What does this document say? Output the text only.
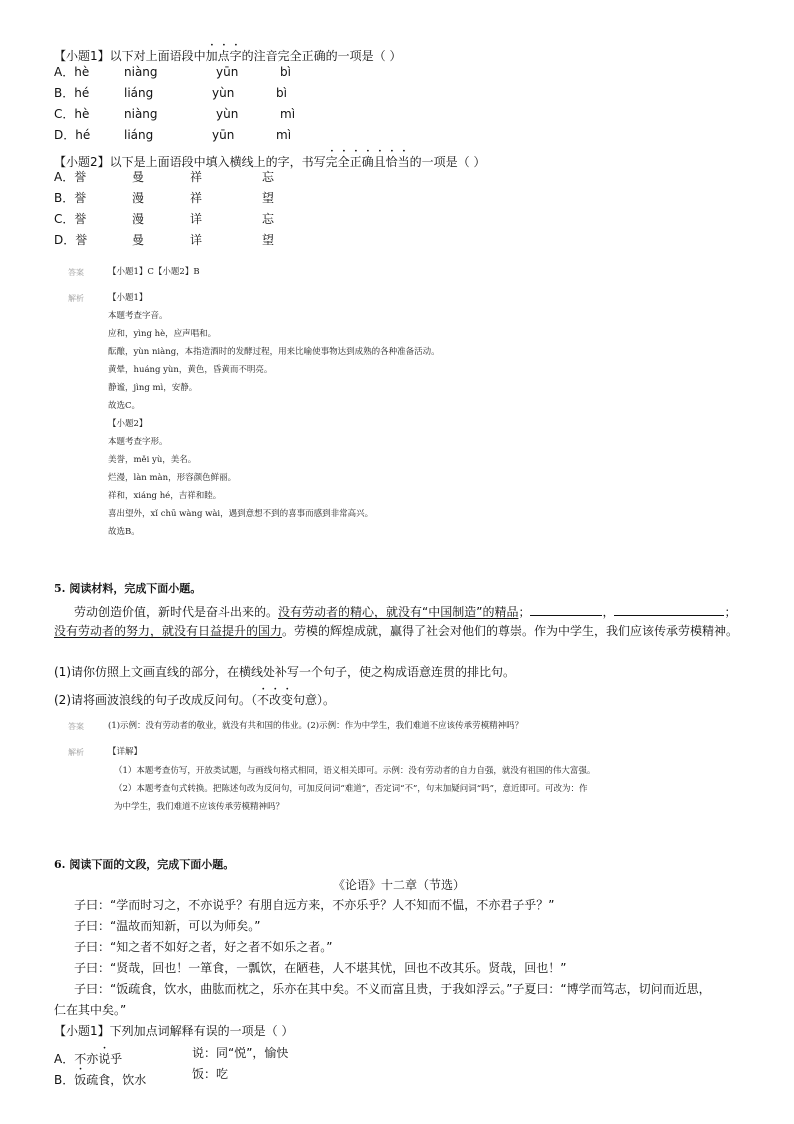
【小题1】以下对上面语段中加点字的注音完全正确的一项是（ ）
A．hè	niàng	yūn	bì
B．hé	liáng	yùn	bì
C．hè	niàng	yùn	mì
D．hé	liáng	yūn	mì
【小题2】以下是上面语段中填入横线上的字，书写完全正确且恰当的一项是（ ）
A．誉	曼	祥	忘
B．誉	漫	祥	望
C．誉	漫	详	忘
D．誉	曼	详	望
答案	【小题1】C【小题2】B
解析	【小题1】
本题考查字音。
应和，yìng hè，应声唱和。
酝酿，yùn niàng，本指造酒时的发酵过程，用来比喻使事物达到成熟的各种准备活动。
黄晕，huáng yùn，黄色，昏黄而不明亮。
静谧，jìng mì，安静。
故选C。
【小题2】
本题考查字形。
美誉，měi yù，美名。
烂漫，làn màn，形容颜色鲜丽。
祥和，xiáng hé，吉祥和睦。
喜出望外，xǐ chū wàng wài，遇到意想不到的喜事而感到非常高兴。
故选B。
5. 阅读材料，完成下面小题。
劳动创造价值，新时代是奋斗出来的。没有劳动者的精心，就没有“中国制造”的精品；	，	；
没有劳动者的努力，就没有日益提升的国力。劳模的辉煌成就，赢得了社会对他们的尊崇。作为中学生，我们应该传承劳模精神。
(1)请你仿照上文画直线的部分，在横线处补写一个句子，使之构成语意连贯的排比句。
(2)请将画波浪线的句子改成反问句。（不改变句意）。
答案	(1)示例：没有劳动者的敬业，就没有共和国的伟业。(2)示例：作为中学生，我们难道不应该传承劳模精神吗？
解析	【详解】
（1）本题考查仿写，开放类试题，与画线句格式相同，语义相关即可。示例：没有劳动者的自力自强，就没有祖国的伟大富强。
（2）本题考查句式转换。把陈述句改为反问句，可加反问词“难道”，否定词“不”，句末加疑问词“吗”，意近即可。可改为：作
为中学生，我们难道不应该传承劳模精神吗？
6. 阅读下面的文段，完成下面小题。
《论语》十二章（节选）
子曰：“学而时习之，不亦说乎？有朋自远方来，不亦乐乎？人不知而不愠，不亦君子乎？”
子曰：“温故而知新，可以为师矣。”
子曰：“知之者不如好之者，好之者不如乐之者。”
子曰：“贤哉，回也！一箪食，一瓢饮，在陋巷，人不堪其忧，回也不改其乐。贤哉，回也！”
子曰：“饭疏食，饮水，曲肱而枕之，乐亦在其中矣。不义而富且贵，于我如浮云。”子夏曰：“博学而笃志，切问而近思，
仁在其中矣。”
【小题1】下列加点词解释有误的一项是（ ）
A．不亦说乎	说：同“悦”，愉快
B．饭疏食，饮水	饭：吃
